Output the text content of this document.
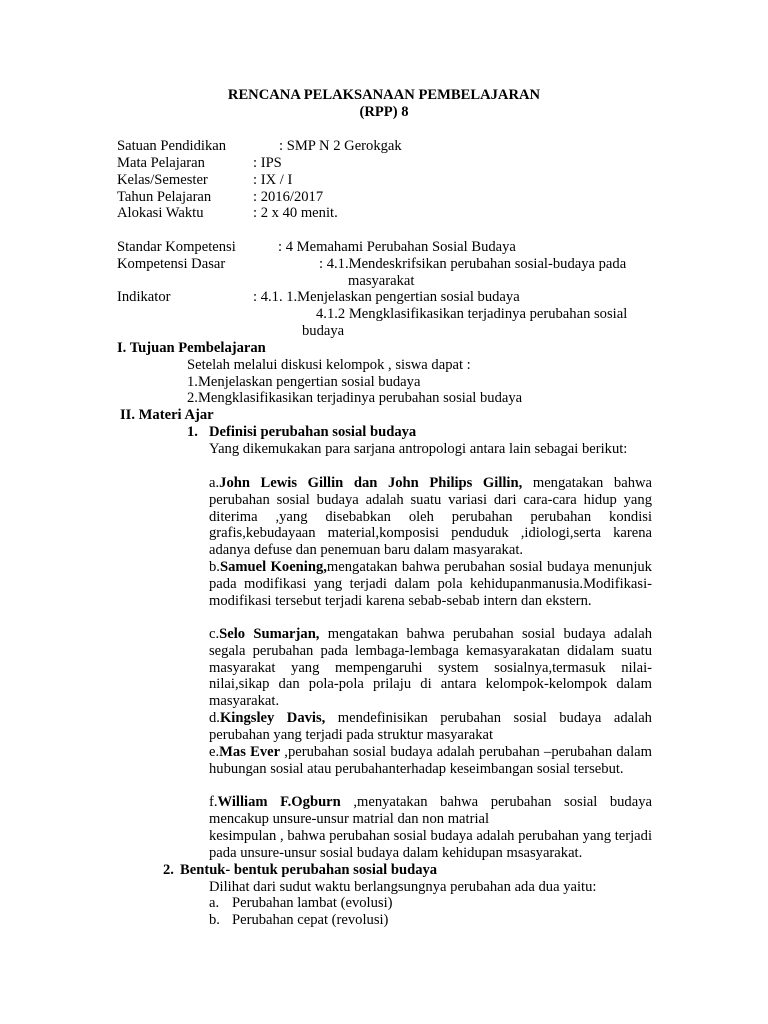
RENCANA PELAKSANAAN PEMBELAJARAN
(RPP) 8
Satuan Pendidikan	: SMP N 2 Gerokgak
Mata Pelajaran	: IPS
Kelas/Semester	: IX / I
Tahun Pelajaran	: 2016/2017
Alokasi Waktu	: 2 x 40 menit.
Standar Kompetensi	: 4 Memahami Perubahan Sosial Budaya
Kompetensi Dasar	: 4.1.Mendeskrifsikan perubahan sosial-budaya pada
masyarakat
Indikator	: 4.1. 1.Menjelaskan pengertian sosial budaya
4.1.2 Mengklasifikasikan terjadinya perubahan sosial
budaya
I. Tujuan Pembelajaran
Setelah melalui diskusi kelompok , siswa dapat :
1.Menjelaskan pengertian sosial budaya
2.Mengklasifikasikan terjadinya perubahan sosial budaya
II. Materi Ajar
1. Definisi perubahan sosial budaya
Yang dikemukakan para sarjana antropologi antara lain sebagai berikut:
a.John Lewis Gillin dan John Philips Gillin, mengatakan bahwa perubahan sosial budaya adalah suatu variasi dari cara-cara hidup yang diterima ,yang disebabkan oleh perubahan perubahan kondisi grafis,kebudayaan material,komposisi penduduk ,idiologi,serta karena adanya defuse dan penemuan baru dalam masyarakat.
b.Samuel Koening,mengatakan bahwa perubahan sosial budaya menunjuk pada modifikasi yang terjadi dalam pola kehidupanmanusia.Modifikasi-modifikasi tersebut terjadi karena sebab-sebab intern dan ekstern.
c.Selo Sumarjan, mengatakan bahwa perubahan sosial budaya adalah segala perubahan pada lembaga-lembaga kemasyarakatan didalam suatu masyarakat yang mempengaruhi system sosialnya,termasuk nilai-nilai,sikap dan pola-pola prilaju di antara kelompok-kelompok dalam masyarakat.
d.Kingsley Davis, mendefinisikan perubahan sosial budaya adalah perubahan yang terjadi pada struktur masyarakat
e.Mas Ever ,perubahan sosial budaya adalah perubahan –perubahan dalam hubungan sosial atau perubahanterhadap keseimbangan sosial tersebut.
f.William F.Ogburn ,menyatakan bahwa perubahan sosial budaya mencakup unsure-unsur matrial dan non matrial
kesimpulan , bahwa perubahan sosial budaya adalah perubahan yang terjadi pada unsure-unsur sosial budaya dalam kehidupan msasyarakat.
2. Bentuk- bentuk perubahan sosial budaya
Dilihat dari sudut waktu berlangsungnya perubahan ada dua yaitu:
a. Perubahan lambat (evolusi)
b. Perubahan cepat (revolusi)
